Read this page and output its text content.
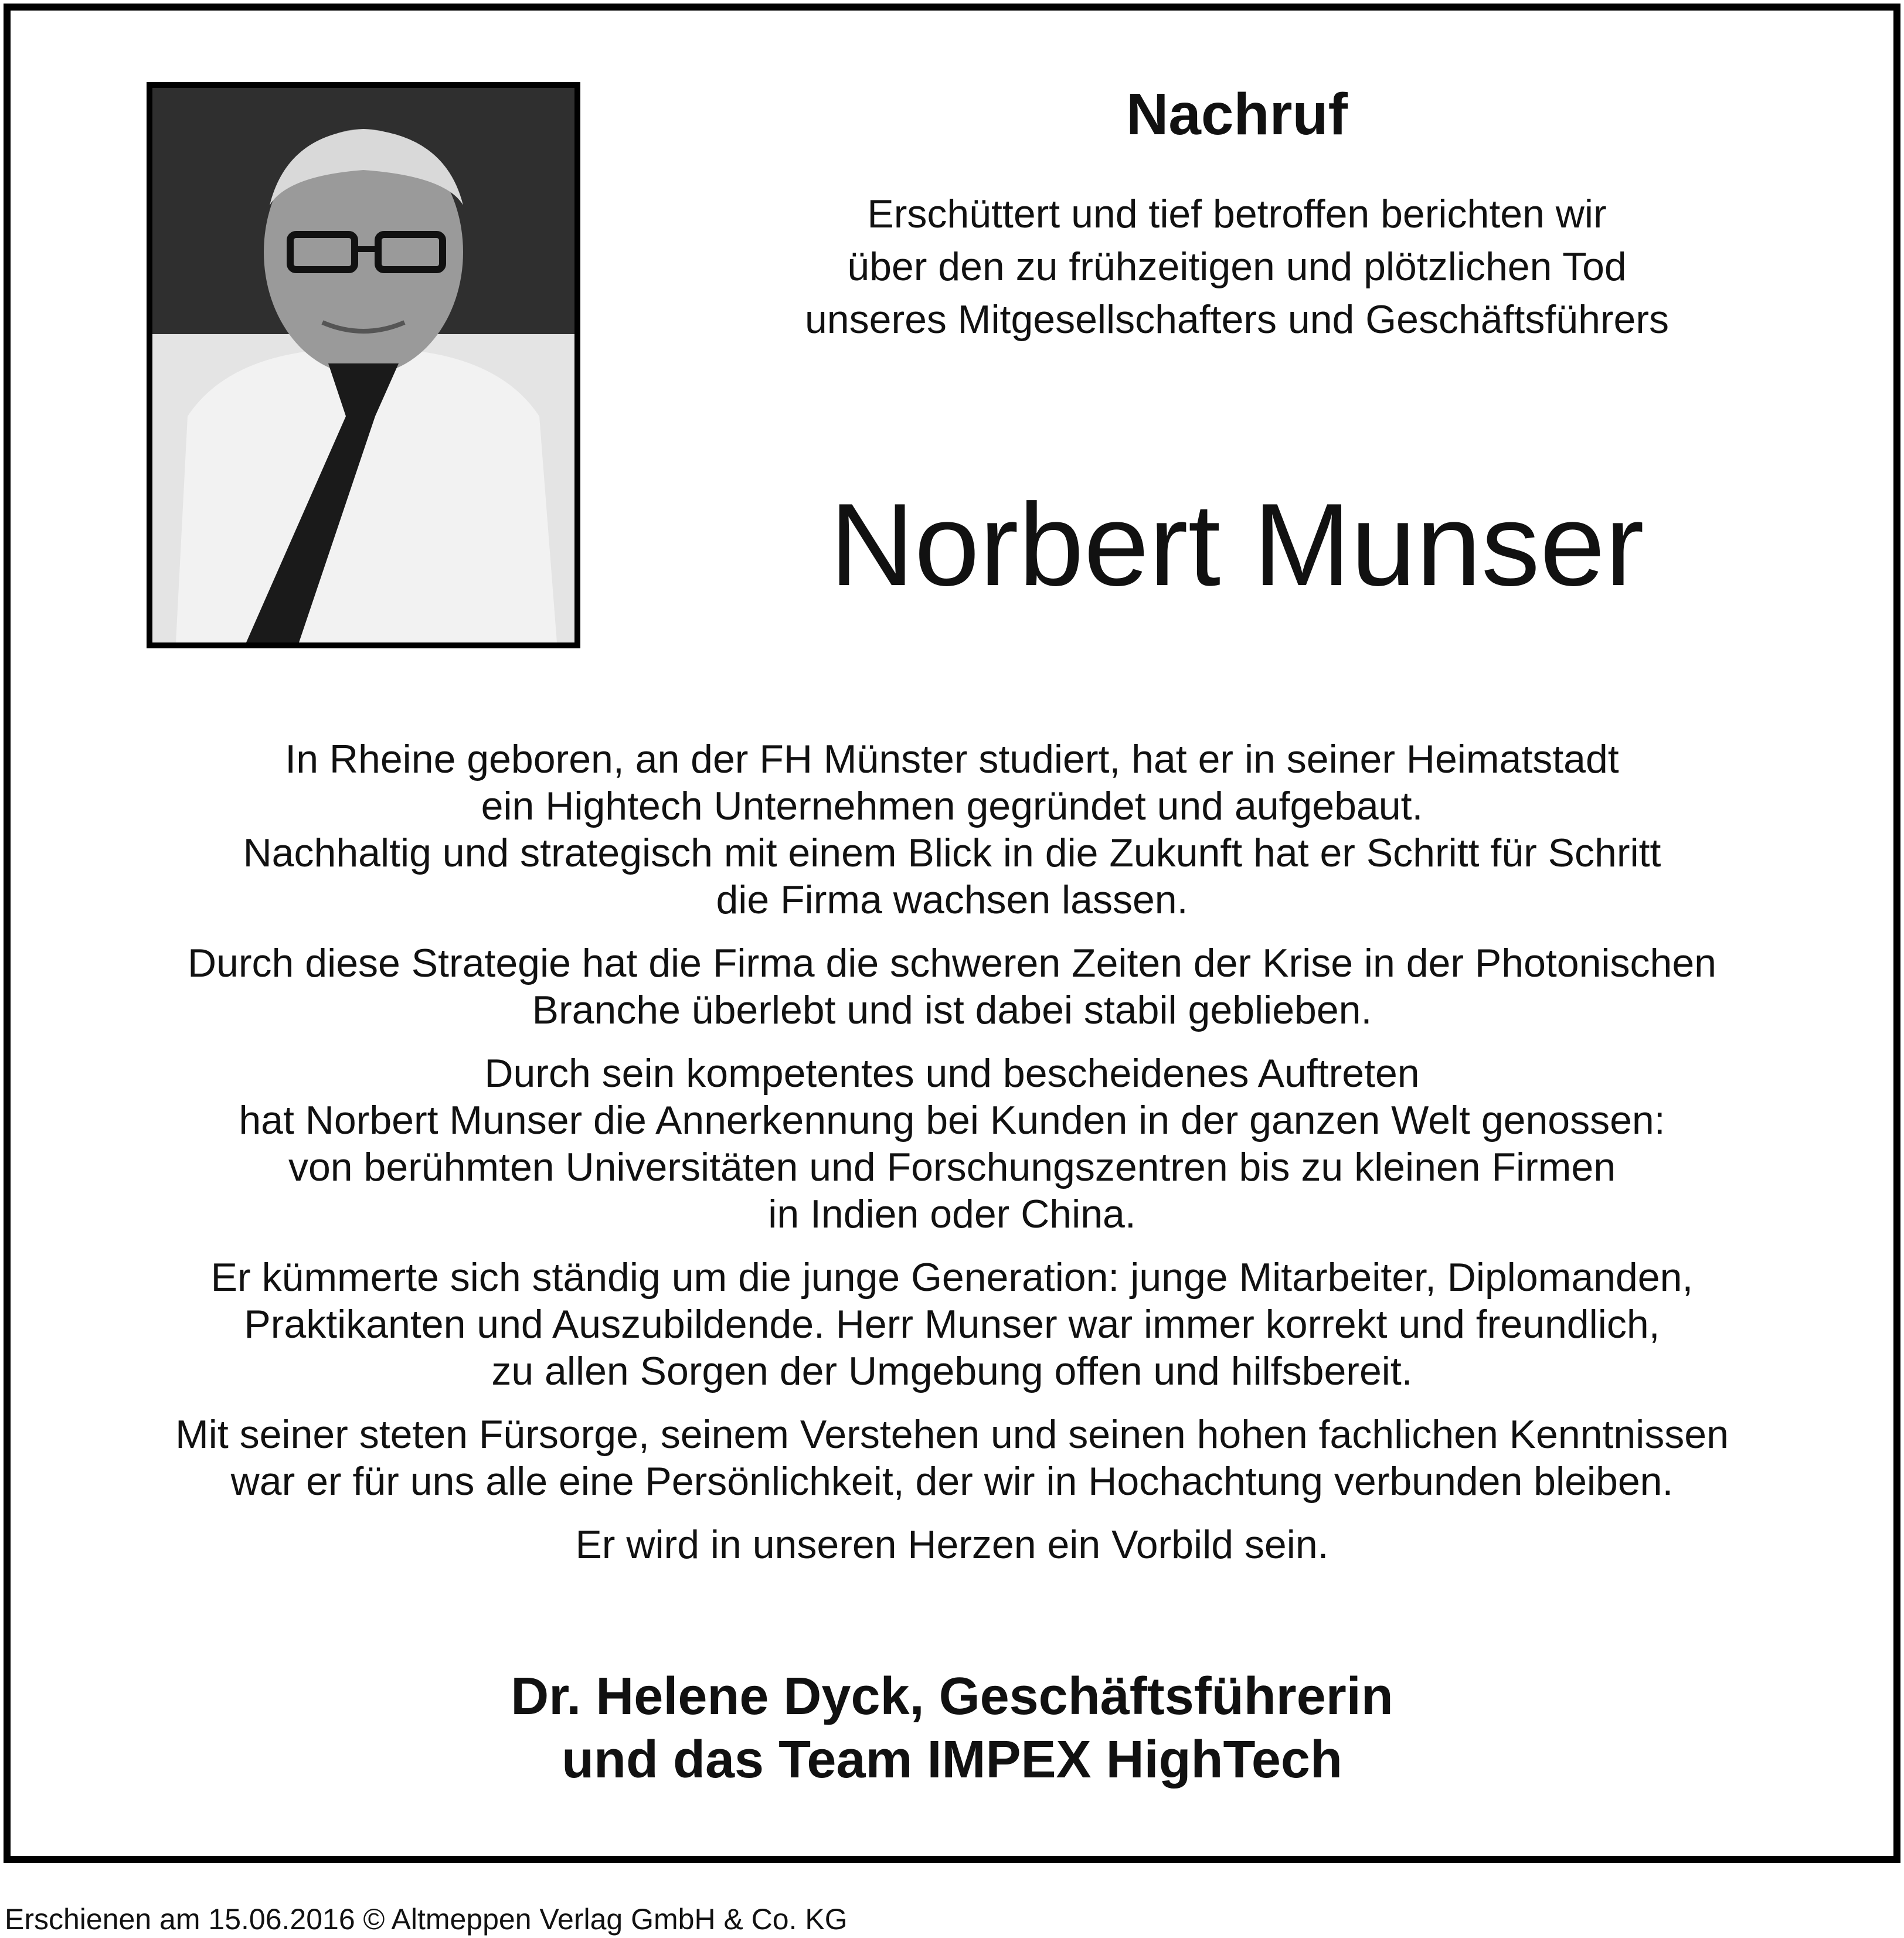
Nachruf
Erschüttert und tief betroffen berichten wir
über den zu frühzeitigen und plötzlichen Tod
unseres Mitgesellschafters und Geschäftsführers
Norbert Munser

In Rheine geboren, an der FH Münster studiert, hat er in seiner Heimatstadt
ein Hightech Unternehmen gegründet und aufgebaut.
Nachhaltig und strategisch mit einem Blick in die Zukunft hat er Schritt für Schritt
die Firma wachsen lassen.

Durch diese Strategie hat die Firma die schweren Zeiten der Krise in der Photonischen
Branche überlebt und ist dabei stabil geblieben.

Durch sein kompetentes und bescheidenes Auftreten
hat Norbert Munser die Annerkennung bei Kunden in der ganzen Welt genossen:
von berühmten Universitäten und Forschungszentren bis zu kleinen Firmen
in Indien oder China.

Er kümmerte sich ständig um die junge Generation: junge Mitarbeiter, Diplomanden,
Praktikanten und Auszubildende. Herr Munser war immer korrekt und freundlich,
zu allen Sorgen der Umgebung offen und hilfsbereit.

Mit seiner steten Fürsorge, seinem Verstehen und seinen hohen fachlichen Kenntnissen
war er für uns alle eine Persönlichkeit, der wir in Hochachtung verbunden bleiben.

Er wird in unseren Herzen ein Vorbild sein.

Dr. Helene Dyck, Geschäftsführerin
und das Team IMPEX HighTech
Erschienen am 15.06.2016 © Altmeppen Verlag GmbH & Co. KG
